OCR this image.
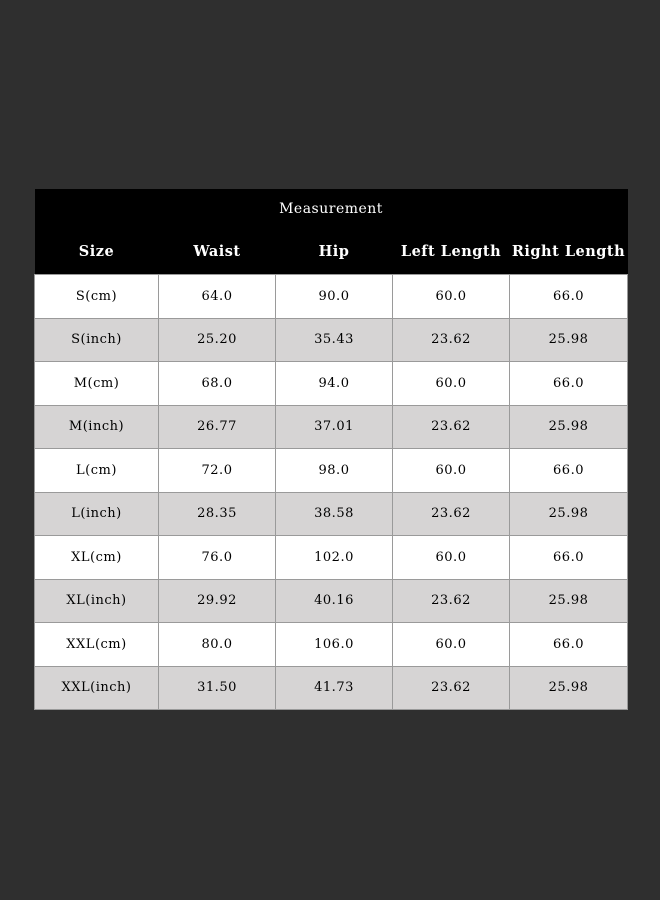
Measurement				
Size	Waist	Hip	Left Length	Right Length
S(cm)	64.0	90.0	60.0	66.0
S(inch)	25.20	35.43	23.62	25.98
M(cm)	68.0	94.0	60.0	66.0
M(inch)	26.77	37.01	23.62	25.98
L(cm)	72.0	98.0	60.0	66.0
L(inch)	28.35	38.58	23.62	25.98
XL(cm)	76.0	102.0	60.0	66.0
XL(inch)	29.92	40.16	23.62	25.98
XXL(cm)	80.0	106.0	60.0	66.0
XXL(inch)	31.50	41.73	23.62	25.98
